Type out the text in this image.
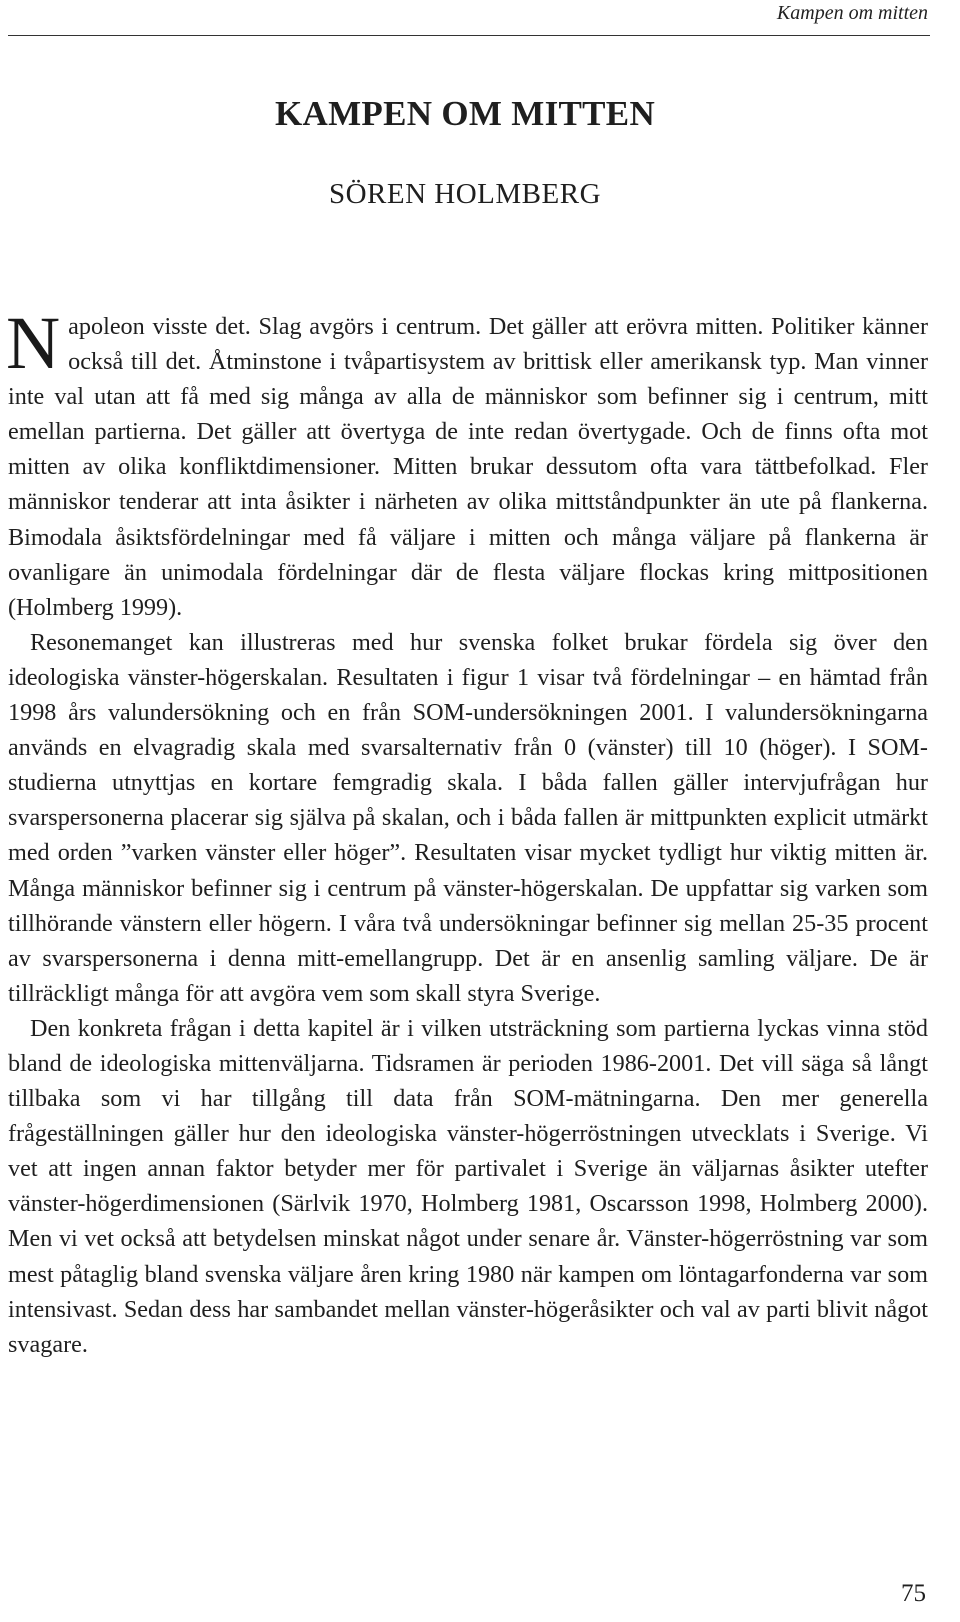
Kampen om mitten
KAMPEN OM MITTEN
SÖREN HOLMBERG

Napoleon visste det. Slag avgörs i centrum. Det gäller att erövra mitten. Politiker känner också till det. Åtminstone i tvåpartisystem av brittisk eller amerikansk typ. Man vinner inte val utan att få med sig många av alla de människor som befinner sig i centrum, mitt emellan partierna. Det gäller att övertyga de inte redan övertygade. Och de finns ofta mot mitten av olika konfliktdimensioner. Mitten brukar dessutom ofta vara tättbefolkad. Fler människor tenderar att inta åsikter i närheten av olika mittståndpunkter än ute på flankerna. Bimodala åsiktsfördelningar med få väljare i mitten och många väljare på flankerna är ovanligare än unimodala fördelningar där de flesta väljare flockas kring mittpositionen (Holmberg 1999).

Resonemanget kan illustreras med hur svenska folket brukar fördela sig över den ideologiska vänster-högerskalan. Resultaten i figur 1 visar två fördelningar – en hämtad från 1998 års valundersökning och en från SOM-undersökningen 2001. I valundersökningarna används en elvagradig skala med svarsalternativ från 0 (vänster) till 10 (höger). I SOM-studierna utnyttjas en kortare femgradig skala. I båda fallen gäller intervjufrågan hur svarspersonerna placerar sig själva på skalan, och i båda fallen är mittpunkten explicit utmärkt med orden ”varken vänster eller höger”. Resultaten visar mycket tydligt hur viktig mitten är. Många människor befinner sig i centrum på vänster-högerskalan. De uppfattar sig varken som tillhörande vänstern eller högern. I våra två undersökningar befinner sig mellan 25-35 procent av svarspersonerna i denna mitt-emellangrupp. Det är en ansenlig samling väljare. De är tillräckligt många för att avgöra vem som skall styra Sverige.

Den konkreta frågan i detta kapitel är i vilken utsträckning som partierna lyckas vinna stöd bland de ideologiska mittenväljarna. Tidsramen är perioden 1986-2001. Det vill säga så långt tillbaka som vi har tillgång till data från SOM-mätningarna. Den mer generella frågeställningen gäller hur den ideologiska vänster-högerröstningen utvecklats i Sverige. Vi vet att ingen annan faktor betyder mer för partivalet i Sverige än väljarnas åsikter utefter vänster-högerdimensionen (Särlvik 1970, Holmberg 1981, Oscarsson 1998, Holmberg 2000). Men vi vet också att betydelsen minskat något under senare år. Vänster-högerröstning var som mest påtaglig bland svenska väljare åren kring 1980 när kampen om löntagarfonderna var som intensivast. Sedan dess har sambandet mellan vänster-högeråsikter och val av parti blivit något svagare.

75
